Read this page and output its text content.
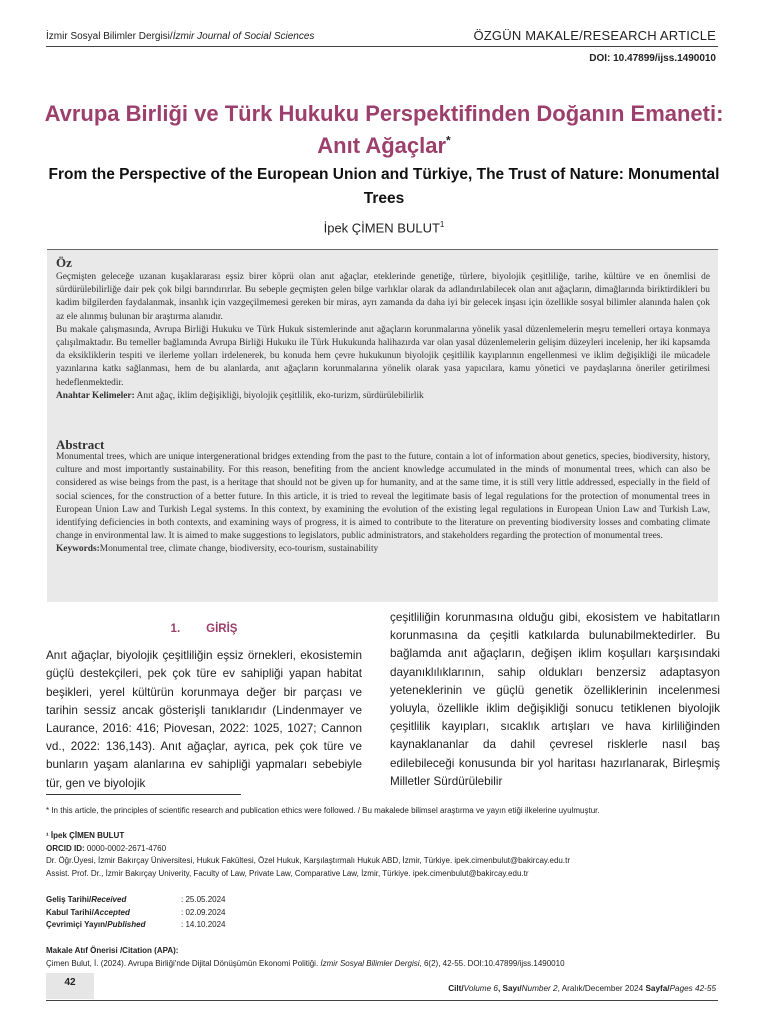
İzmir Sosyal Bilimler Dergisi/İzmir Journal of Social Sciences	ÖZGÜN MAKALE/RESEARCH ARTICLE
DOI: 10.47899/ijss.1490010
Avrupa Birliği ve Türk Hukuku Perspektifinden Doğanın Emaneti: Anıt Ağaçlar*
From the Perspective of the European Union and Türkiye, The Trust of Nature: Monumental Trees
İpek ÇİMEN BULUT$^1$
Öz
Geçmişten geleceğe uzanan kuşaklararası eşsiz birer köprü olan anıt ağaçlar, eteklerinde genetiğe, türlere, biyolojik çeşitliliğe, tarihe, kültüre ve en önemlisi de sürdürülebilirliğe dair pek çok bilgi barındırırlar. Bu sebeple geçmişten gelen bilge varlıklar olarak da adlandırılabilecek olan anıt ağaçların, dimağlarında biriktirdikleri bu kadim bilgilerden faydalanmak, insanlık için vazgeçilmemesi gereken bir miras, ayrı zamanda da daha iyi bir gelecek inşası için özellikle sosyal bilimler alanında halen çok az ele alınmış bulunan bir araştırma alanıdır.
Bu makale çalışmasında, Avrupa Birliği Hukuku ve Türk Hukuk sistemlerinde anıt ağaçların korunmalarına yönelik yasal düzenlemelerin meşru temelleri ortaya konmaya çalışılmaktadır. Bu temeller bağlamında Avrupa Birliği Hukuku ile Türk Hukukunda halihazırda var olan yasal düzenlemelerin gelişim düzeyleri incelenip, her iki kapsamda da eksikliklerin tespiti ve ilerleme yolları irdelenerek, bu konuda hem çevre hukukunun biyolojik çeşitlilik kayıplarının engellenmesi ve iklim değişikliği ile mücadele yazınlarına katkı sağlanması, hem de bu alanlarda, anıt ağaçların korunmalarına yönelik olarak yasa yapıcılara, kamu yönetici ve paydaşlarına öneriler getirilmesi hedeflenmektedir.
Anahtar Kelimeler: Anıt ağaç, iklim değişikliği, biyolojik çeşitlilik, eko-turizm, sürdürülebilirlik
Abstract
Monumental trees, which are unique intergenerational bridges extending from the past to the future, contain a lot of information about genetics, species, biodiversity, history, culture and most importantly sustainability. For this reason, benefiting from the ancient knowledge accumulated in the minds of monumental trees, which can also be considered as wise beings from the past, is a heritage that should not be given up for humanity, and at the same time, it is still very little addressed, especially in the field of social sciences, for the construction of a better future. In this article, it is tried to reveal the legitimate basis of legal regulations for the protection of monumental trees in European Union Law and Turkish Legal systems. In this context, by examining the evolution of the existing legal regulations in European Union Law and Turkish Law, identifying deficiencies in both contexts, and examining ways of progress, it is aimed to contribute to the literature on preventing biodiversity losses and combating climate change in environmental law. It is aimed to make suggestions to legislators, public administrators, and stakeholders regarding the protection of monumental trees.
Keywords:Monumental tree, climate change, biodiversity, eco-tourism, sustainability
1. GİRİŞ
Anıt ağaçlar, biyolojik çeşitliliğin eşsiz örnekleri, ekosistemin güçlü destekçileri, pek çok türe ev sahipliği yapan habitat beşikleri, yerel kültürün korunmaya değer bir parçası ve tarihin sessiz ancak gösterişli tanıklarıdır (Lindenmayer ve Laurance, 2016: 416; Piovesan, 2022: 1025, 1027; Cannon vd., 2022: 136,143). Anıt ağaçlar, ayrıca, pek çok türe ve bunların yaşam alanlarına ev sahipliği yapmaları sebebiyle tür, gen ve biyolojik
çeşitliliğin korunmasına olduğu gibi, ekosistem ve habitatların korunmasına da çeşitli katkılarda bulunabilmektedirler. Bu bağlamda anıt ağaçların, değişen iklim koşulları karşısındaki dayanıklılıklarının, sahip oldukları benzersiz adaptasyon yeteneklerinin ve güçlü genetik özelliklerinin incelenmesi yoluyla, özellikle iklim değişikliği sonucu tetiklenen biyolojik çeşitlilik kayıpları, sıcaklık artışları ve hava kirliliğinden kaynaklananlar da dahil çevresel risklerle nasıl baş edilebileceği konusunda bir yol haritası hazırlanarak, Birleşmiş Milletler Sürdürülebilir
* In this article, the principles of scientific research and publication ethics were followed. / Bu makalede bilimsel araştırma ve yayın etiği ilkelerine uyulmuştur.
¹ İpek ÇİMEN BULUT
ORCID ID: 0000-0002-2671-4760
Dr. Öğr.Üyesi, İzmir Bakırçay Üniversitesi, Hukuk Fakültesi, Özel Hukuk, Karşılaştırmalı Hukuk ABD, İzmir, Türkiye. ipek.cimenbulut@bakircay.edu.tr
Assist. Prof. Dr., İzmir Bakırçay Univerity, Faculty of Law, Private Law, Comparative Law, İzmir, Türkiye. ipek.cimenbulut@bakircay.edu.tr
Geliş Tarihi/Received	: 25.05.2024
Kabul Tarihi/Accepted	: 02.09.2024
Çevrimiçi Yayın/Published	: 14.10.2024
Makale Atıf Önerisi /Citation (APA):
Çimen Bulut, İ. (2024). Avrupa Birliği'nde Dijital Dönüşümün Ekonomi Politiği. İzmir Sosyal Bilimler Dergisi, 6(2), 42-55. DOI:10.47899/ijss.1490010
42
Cilt/Volume 6, Sayı/Number 2, Aralık/December 2024 Sayfa/Pages 42-55
